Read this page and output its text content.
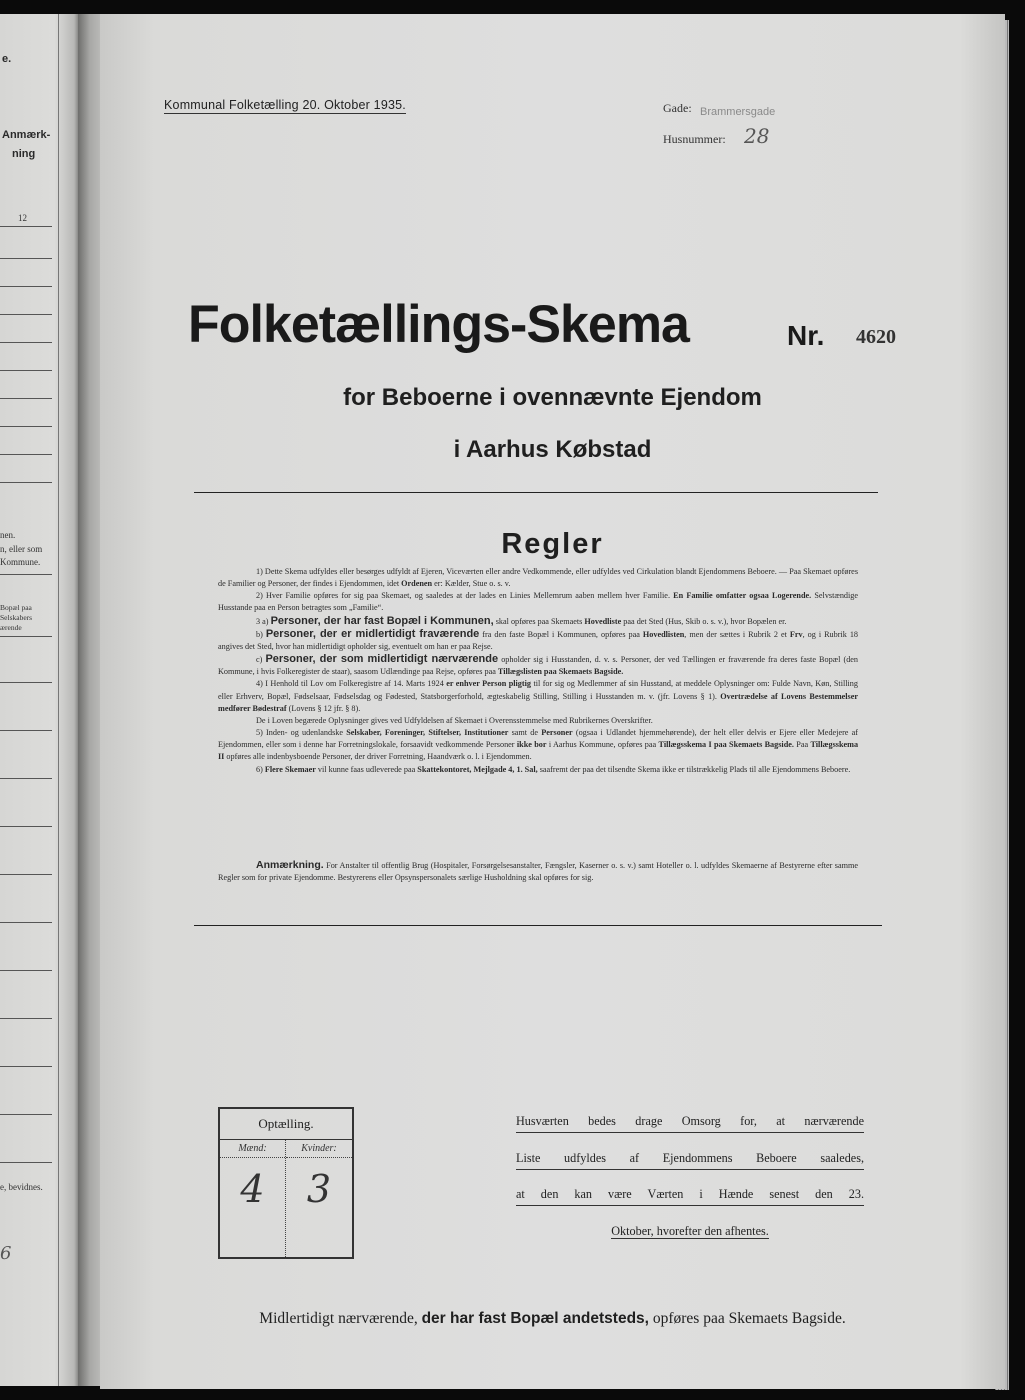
e.
Anmærk-
ning
12
nen.
n, eller som
Kommune.
Bopæl paa
Selskabers
ærende
e, bevidnes.
6
Kommunal Folketælling 20. Oktober 1935.	Gade: Brammersgade
Husnummer: 28
Folketællings-Skema	Nr. 4620
for Beboerne i ovennævnte Ejendom
i Aarhus Købstad
Regler

1) Dette Skema udfyldes eller besørges udfyldt af Ejeren, Viceværten eller andre Vedkommende, eller udfyldes ved Cirkulation blandt Ejendommens Beboere. — Paa Skemaet opføres de Familier og Personer, der findes i Ejendommen, idet Ordenen er: Kælder, Stue o. s. v.

2) Hver Familie opføres for sig paa Skemaet, og saaledes at der lades en Linies Mellemrum aaben mellem hver Familie. En Familie omfatter ogsaa Logerende. Selvstændige Husstande paa en Person betragtes som „Familie“.

3 a) Personer, der har fast Bopæl i Kommunen, skal opføres paa Skemaets Hovedliste paa det Sted (Hus, Skib o. s. v.), hvor Bopælen er.

b) Personer, der er midlertidigt fraværende fra den faste Bopæl i Kommunen, opføres paa Hovedlisten, men der sættes i Rubrik 2 et Frv, og i Rubrik 18 angives det Sted, hvor han midlertidigt opholder sig, eventuelt om han er paa Rejse.

c) Personer, der som midlertidigt nærværende opholder sig i Husstanden, d. v. s. Personer, der ved Tællingen er fraværende fra deres faste Bopæl (den Kommune, i hvis Folkeregister de staar), saasom Udlændinge paa Rejse, opføres paa Tillægslisten paa Skemaets Bagside.

4) I Henhold til Lov om Folkeregistre af 14. Marts 1924 er enhver Person pligtig til for sig og Medlemmer af sin Husstand, at meddele Oplysninger om: Fulde Navn, Køn, Stilling eller Erhverv, Bopæl, Fødselsaar, Fødselsdag og Fødested, Statsborgerforhold, ægteskabelig Stilling, Stilling i Husstanden m. v. (jfr. Lovens § 1). Overtrædelse af Lovens Bestemmelser medfører Bødestraf (Lovens § 12 jfr. § 8).

De i Loven begærede Oplysninger gives ved Udfyldelsen af Skemaet i Overensstemmelse med Rubrikernes Overskrifter.

5) Inden- og udenlandske Selskaber, Foreninger, Stiftelser, Institutioner samt de Personer (ogsaa i Udlandet hjemmehørende), der helt eller delvis er Ejere eller Medejere af Ejendommen, eller som i denne har Forretningslokale, forsaavidt vedkommende Personer ikke bor i Aarhus Kommune, opføres paa Tillægsskema I paa Skemaets Bagside. Paa Tillægsskema II opføres alle indenbysboende Personer, der driver Forretning, Haandværk o. l. i Ejendommen.

6) Flere Skemaer vil kunne faas udleverede paa Skattekontoret, Mejlgade 4, 1. Sal, saafremt der paa det tilsendte Skema ikke er tilstrækkelig Plads til alle Ejendommens Beboere.

Anmærkning. For Anstalter til offentlig Brug (Hospitaler, Forsørgelsesanstalter, Fængsler, Kaserner o. s. v.) samt Hoteller o. l. udfyldes Skemaerne af Bestyrerne efter samme Regler som for private Ejendomme. Bestyrerens eller Opsynspersonalets særlige Husholdning skal opføres for sig.
Optælling.
Mænd:	Kvinder:
4	3
Husværten bedes drage Omsorg for, at nærværende
Liste udfyldes af Ejendommens Beboere saaledes,
at den kan være Værten i Hænde senest den 23.
Oktober, hvorefter den afhentes.
Midlertidigt nærværende, der har fast Bopæl andetsteds, opføres paa Skemaets Bagside.
